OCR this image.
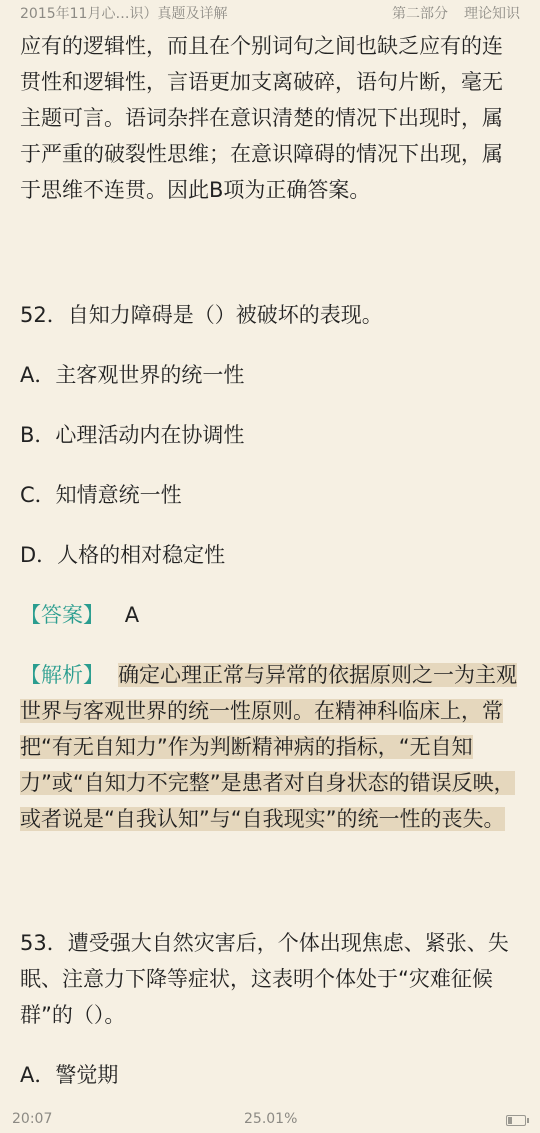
2015年11月心…识）真题及详解	第二部分 理论知识

应有的逻辑性，而且在个别词句之间也缺乏应有的连贯性和逻辑性，言语更加支离破碎，语句片断，毫无主题可言。语词杂拌在意识清楚的情况下出现时，属于严重的破裂性思维；在意识障碍的情况下出现，属于思维不连贯。因此B项为正确答案。

52．自知力障碍是（）被破坏的表现。

A．主客观世界的统一性

B．心理活动内在协调性

C．知情意统一性

D．人格的相对稳定性

【答案】 A

【解析】 确定心理正常与异常的依据原则之一为主观世界与客观世界的统一性原则。在精神科临床上，常把“有无自知力”作为判断精神病的指标，“无自知力”或“自知力不完整”是患者对自身状态的错误反映，或者说是“自我认知”与“自我现实”的统一性的丧失。

53．遭受强大自然灾害后，个体出现焦虑、紧张、失眠、注意力下降等症状，这表明个体处于“灾难征候群”的（）。

A．警觉期

20:07	25.01%
